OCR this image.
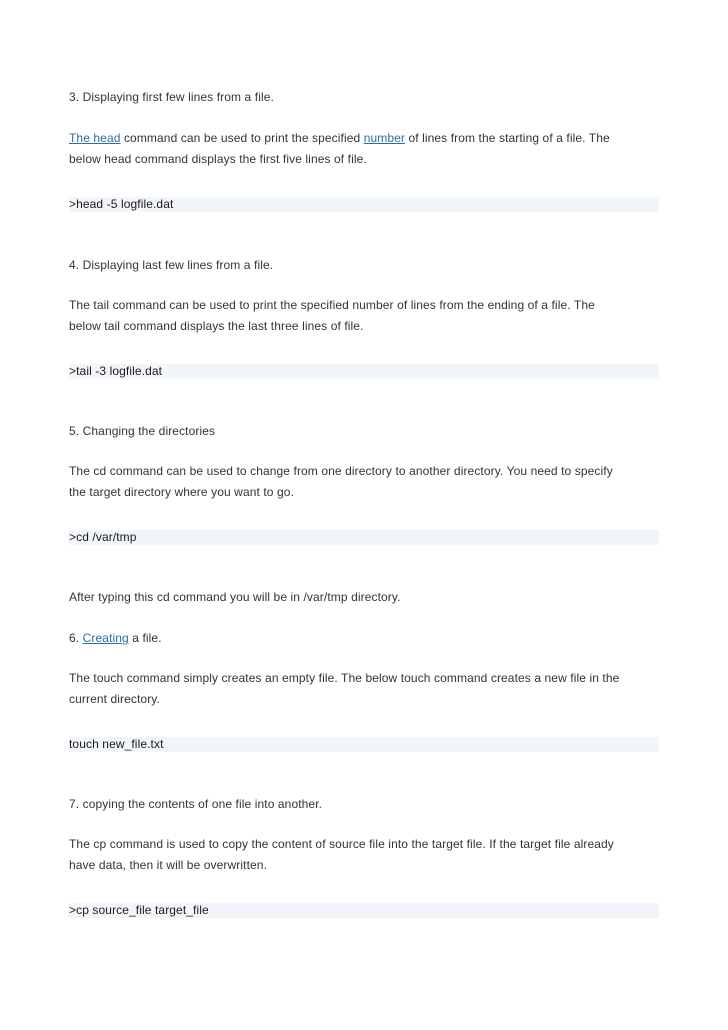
3. Displaying first few lines from a file.
The head command can be used to print the specified number of lines from the starting of a file. The
below head command displays the first five lines of file.
>head -5 logfile.dat
4. Displaying last few lines from a file.
The tail command can be used to print the specified number of lines from the ending of a file. The
below tail command displays the last three lines of file.
>tail -3 logfile.dat
5. Changing the directories
The cd command can be used to change from one directory to another directory. You need to specify
the target directory where you want to go.
>cd /var/tmp
After typing this cd command you will be in /var/tmp directory.
6. Creating a file.
The touch command simply creates an empty file. The below touch command creates a new file in the
current directory.
touch new_file.txt
7. copying the contents of one file into another.
The cp command is used to copy the content of source file into the target file. If the target file already
have data, then it will be overwritten.
>cp source_file target_file
